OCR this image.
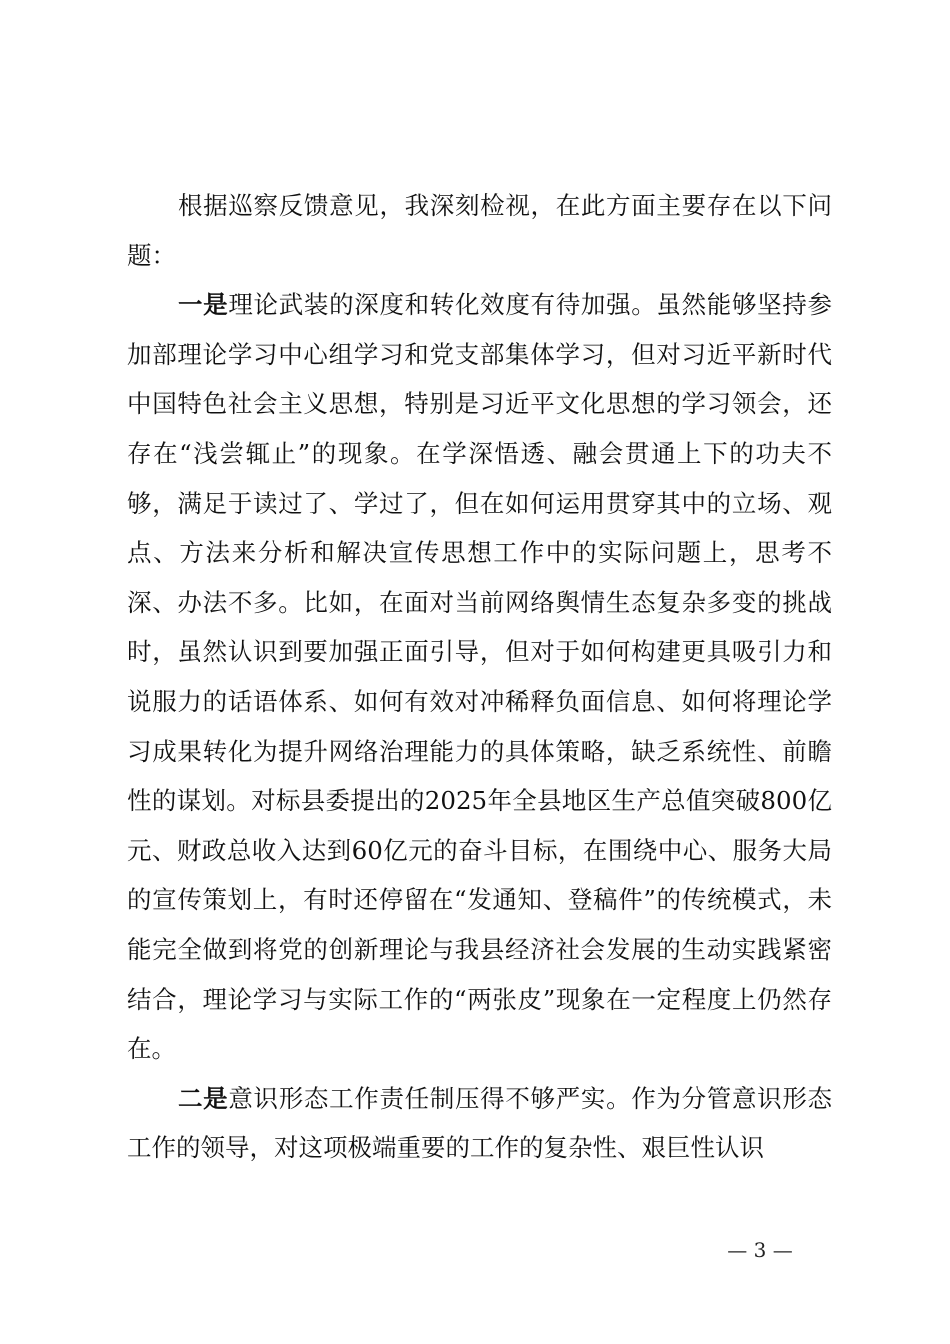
根据巡察反馈意见，我深刻检视，在此方面主要存在以下问题：

一是理论武装的深度和转化效度有待加强。虽然能够坚持参加部理论学习中心组学习和党支部集体学习，但对习近平新时代中国特色社会主义思想，特别是习近平文化思想的学习领会，还存在“浅尝辄止”的现象。在学深悟透、融会贯通上下的功夫不够，满足于读过了、学过了，但在如何运用贯穿其中的立场、观点、方法来分析和解决宣传思想工作中的实际问题上，思考不深、办法不多。比如，在面对当前网络舆情生态复杂多变的挑战时，虽然认识到要加强正面引导，但对于如何构建更具吸引力和说服力的话语体系、如何有效对冲稀释负面信息、如何将理论学习成果转化为提升网络治理能力的具体策略，缺乏系统性、前瞻性的谋划。对标县委提出的2025年全县地区生产总值突破800亿元、财政总收入达到60亿元的奋斗目标，在围绕中心、服务大局的宣传策划上，有时还停留在“发通知、登稿件”的传统模式，未能完全做到将党的创新理论与我县经济社会发展的生动实践紧密结合，理论学习与实际工作的“两张皮”现象在一定程度上仍然存在。

二是意识形态工作责任制压得不够严实。作为分管意识形态工作的领导，对这项极端重要的工作的复杂性、艰巨性认识

— 3 —
